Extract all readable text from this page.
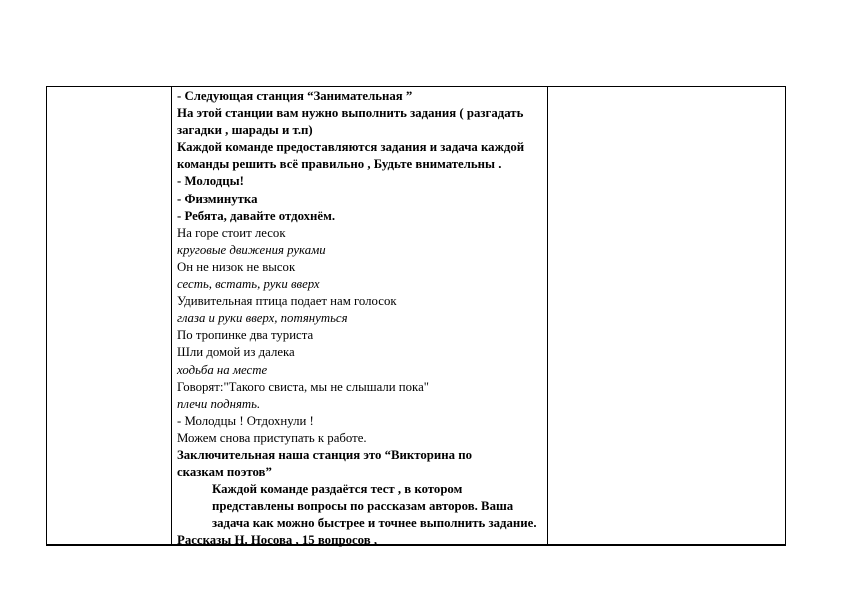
- Следующая станция “Занимательная ”
На этой станции вам нужно выполнить задания ( разгадать
загадки , шарады и т.п)
Каждой команде предоставляются задания и задача каждой
команды решить всё правильно , Будьте внимательны .
- Молодцы!
- Физминутка
- Ребята, давайте отдохнём.
На горе стоит лесок
круговые движения руками
Он не низок не высок
сесть, встать, руки вверх
Удивительная птица подает нам голосок
глаза и руки вверх, потянуться
По тропинке два туриста
Шли домой из далека
ходьба на месте
Говорят:"Такого свиста, мы не слышали пока"
плечи поднять.
- Молодцы ! Отдохнули !
Можем снова приступать к работе.
Заключительная наша станция это “Викторина по
сказкам поэтов”
Каждой команде раздаётся тест , в котором
представлены вопросы по рассказам авторов. Ваша
задача как можно быстрее и точнее выполнить задание.
Рассказы Н. Носова , 15 вопросов ,
